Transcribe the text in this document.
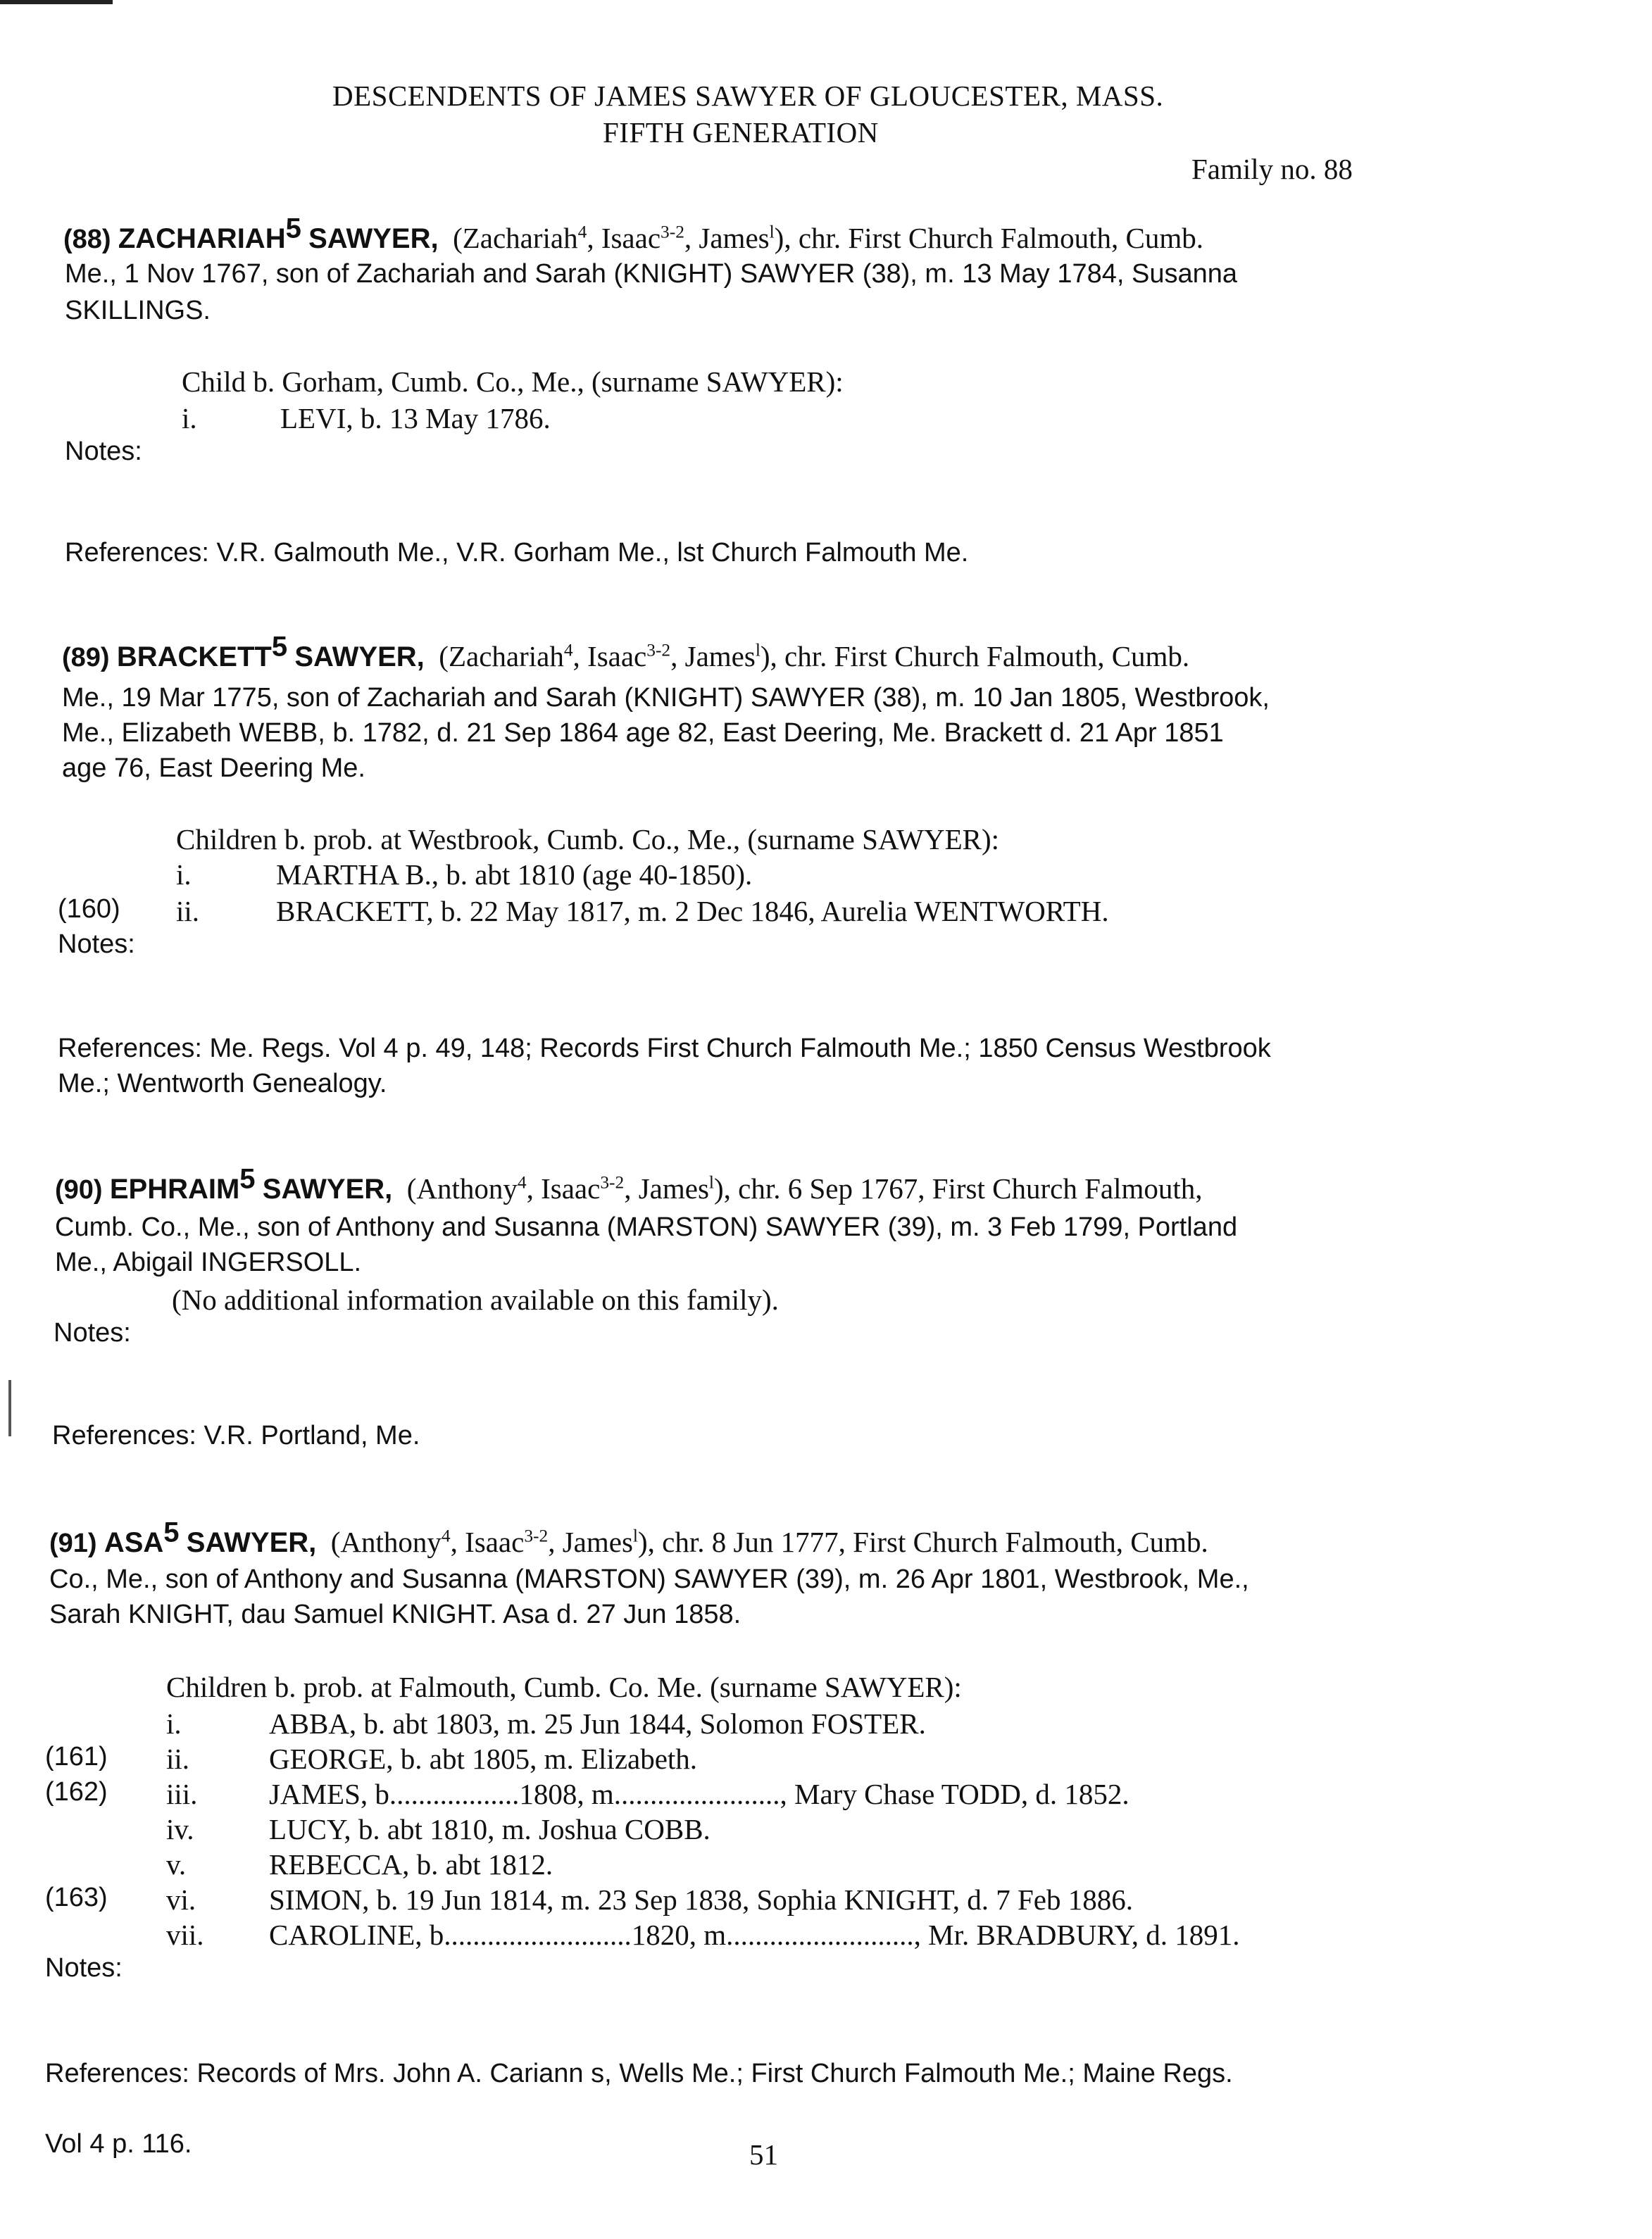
DESCENDENTS OF JAMES SAWYER OF GLOUCESTER, MASS.
FIFTH GENERATION
Family no. 88
(88) ZACHARIAH$^5$ SAWYER, (Zachariah$^4$, Isaac$^{3-2}$, James$^l$), chr. First Church Falmouth, Cumb.
Me., 1 Nov 1767, son of Zachariah and Sarah (KNIGHT) SAWYER (38), m. 13 May 1784, Susanna
SKILLINGS.
Child b. Gorham, Cumb. Co., Me., (surname SAWYER):
i.	LEVI, b. 13 May 1786.
Notes:
References: V.R. Galmouth Me., V.R. Gorham Me., lst Church Falmouth Me.
(89) BRACKETT$^5$ SAWYER, (Zachariah$^4$, Isaac$^{3-2}$, James$^l$), chr. First Church Falmouth, Cumb.
Me., 19 Mar 1775, son of Zachariah and Sarah (KNIGHT) SAWYER (38), m. 10 Jan 1805, Westbrook,
Me., Elizabeth WEBB, b. 1782, d. 21 Sep 1864 age 82, East Deering, Me. Brackett d. 21 Apr 1851
age 76, East Deering Me.
Children b. prob. at Westbrook, Cumb. Co., Me., (surname SAWYER):
i.	MARTHA B., b. abt 1810 (age 40-1850).
(160) ii.	BRACKETT, b. 22 May 1817, m. 2 Dec 1846, Aurelia WENTWORTH.
Notes:
References: Me. Regs. Vol 4 p. 49, 148; Records First Church Falmouth Me.; 1850 Census Westbrook
Me.; Wentworth Genealogy.
(90) EPHRAIM$^5$ SAWYER, (Anthony$^4$, Isaac$^{3-2}$, James$^l$), chr. 6 Sep 1767, First Church Falmouth,
Cumb. Co., Me., son of Anthony and Susanna (MARSTON) SAWYER (39), m. 3 Feb 1799, Portland
Me., Abigail INGERSOLL.
(No additional information available on this family).
Notes:
References: V.R. Portland, Me.
(91) ASA$^5$ SAWYER, (Anthony$^4$, Isaac$^{3-2}$, James$^l$), chr. 8 Jun 1777, First Church Falmouth, Cumb.
Co., Me., son of Anthony and Susanna (MARSTON) SAWYER (39), m. 26 Apr 1801, Westbrook, Me.,
Sarah KNIGHT, dau Samuel KNIGHT. Asa d. 27 Jun 1858.
Children b. prob. at Falmouth, Cumb. Co. Me. (surname SAWYER):
i.	ABBA, b. abt 1803, m. 25 Jun 1844, Solomon FOSTER.
(161) ii.	GEORGE, b. abt 1805, m. Elizabeth.
(162) iii. JAMES, b..................1808, m......................., Mary Chase TODD, d. 1852.
iv.	LUCY, b. abt 1810, m. Joshua COBB.
v.	REBECCA, b. abt 1812.
(163) vi.	SIMON, b. 19 Jun 1814, m. 23 Sep 1838, Sophia KNIGHT, d. 7 Feb 1886.
vii. CAROLINE, b..........................1820, m.........................., Mr. BRADBURY, d. 1891.
Notes:
References: Records of Mrs. John A. Cariann s, Wells Me.; First Church Falmouth Me.; Maine Regs.
Vol 4 p. 116.	51
